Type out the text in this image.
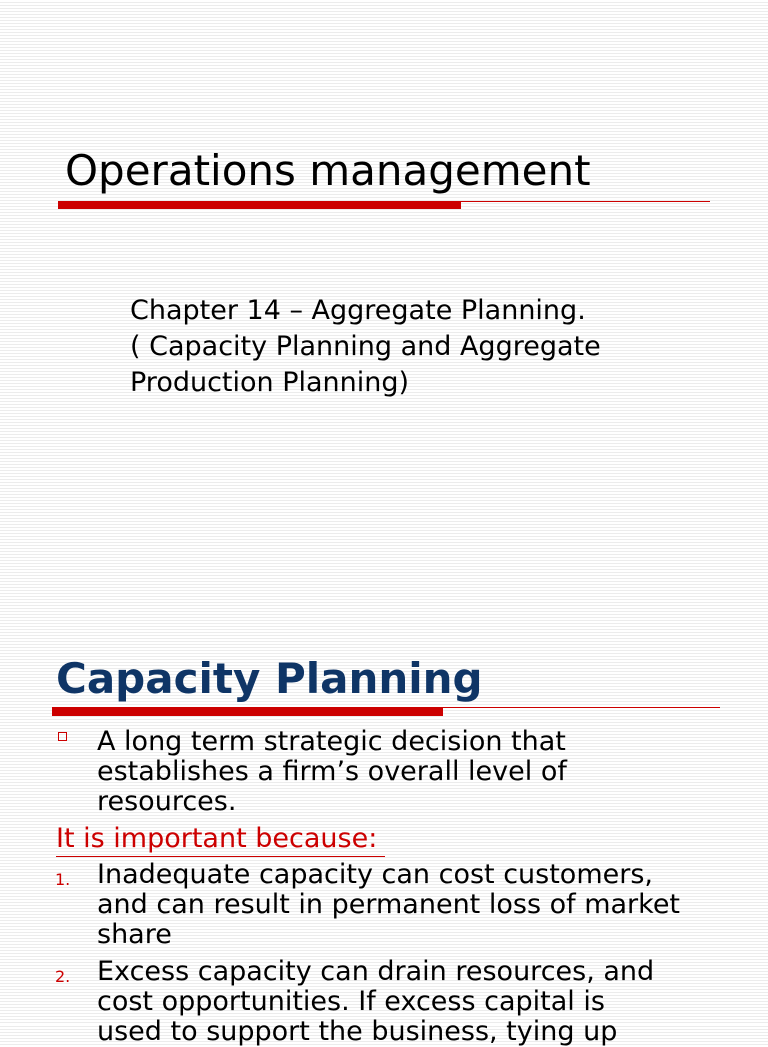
Operations management
Chapter 14 – Aggregate Planning.
( Capacity Planning and Aggregate
Production Planning)
Capacity Planning
A long term strategic decision that
establishes a firm’s overall level of
resources.
It is important because:
1. Inadequate capacity can cost customers,
and can result in permanent loss of market
share
2. Excess capacity can drain resources, and
cost opportunities. If excess capital is
used to support the business, tying up
